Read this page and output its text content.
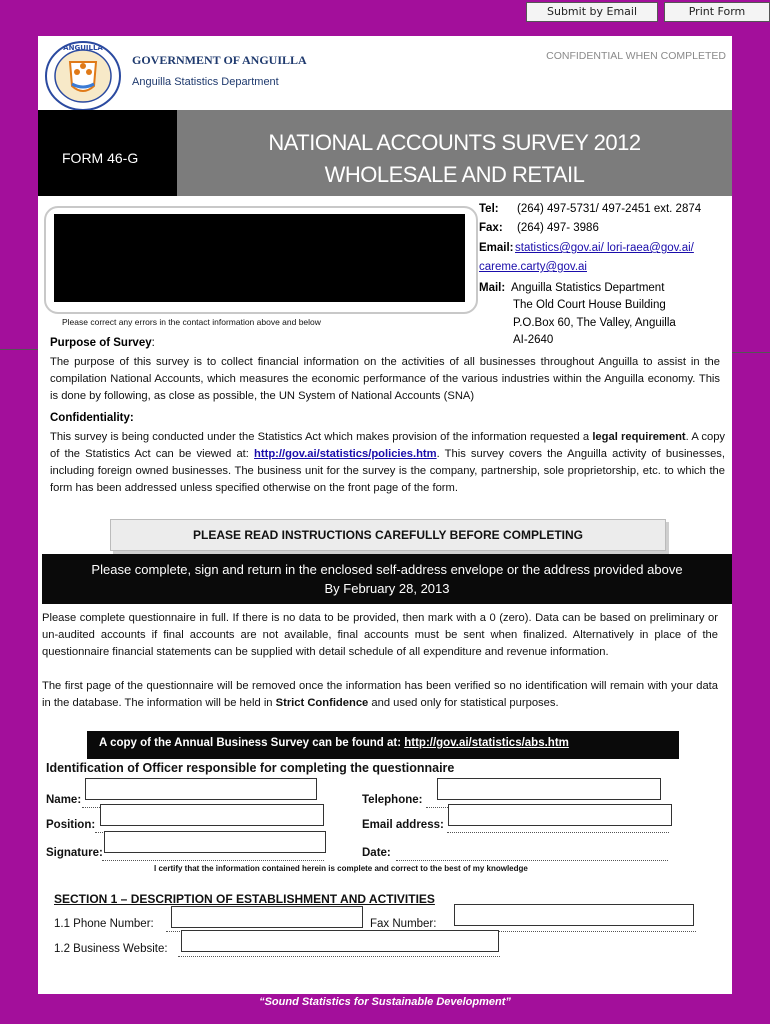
Submit by Email	Print Form
ANGUILLA
GOVERNMENT OF ANGUILLA
Anguilla Statistics Department
CONFIDENTIAL WHEN COMPLETED
FORM 46-G
NATIONAL ACCOUNTS SURVEY 2012
WHOLESALE AND RETAIL
Please correct any errors in the contact information above and below
Tel: (264) 497-5731/ 497-2451 ext. 2874
Fax: (264) 497- 3986
Email: statistics@gov.ai/ lori-raea@gov.ai/
careme.carty@gov.ai
Mail: Anguilla Statistics Department
The Old Court House Building
P.O.Box 60, The Valley, Anguilla
AI-2640
Purpose of Survey:
The purpose of this survey is to collect financial information on the activities of all businesses throughout Anguilla to assist in the compilation National Accounts, which measures the economic performance of the various industries within the Anguilla economy. This is done by following, as close as possible, the UN System of National Accounts (SNA)
Confidentiality:
This survey is being conducted under the Statistics Act which makes provision of the information requested a legal requirement. A copy of the Statistics Act can be viewed at: http://gov.ai/statistics/policies.htm. This survey covers the Anguilla activity of businesses, including foreign owned businesses. The business unit for the survey is the company, partnership, sole proprietorship, etc. to which the form has been addressed unless specified otherwise on the front page of the form.
PLEASE READ INSTRUCTIONS CAREFULLY BEFORE COMPLETING
Please complete, sign and return in the enclosed self-address envelope or the address provided above
By February 28, 2013
Please complete questionnaire in full. If there is no data to be provided, then mark with a 0 (zero). Data can be based on preliminary or un-audited accounts if final accounts are not available, final accounts must be sent when finalized. Alternatively in place of the questionnaire financial statements can be supplied with detail schedule of all expenditure and revenue information.
The first page of the questionnaire will be removed once the information has been verified so no identification will remain with your data in the database. The information will be held in Strict Confidence and used only for statistical purposes.
A copy of the Annual Business Survey can be found at: http://gov.ai/statistics/abs.htm
Identification of Officer responsible for completing the questionnaire
Name:
Position:
Signature:
Telephone:
Email address:
Date:
I certify that the information contained herein is complete and correct to the best of my knowledge
SECTION 1 – DESCRIPTION OF ESTABLISHMENT AND ACTIVITIES
1.1 Phone Number:	Fax Number:
1.2 Business Website:
“Sound Statistics for Sustainable Development”
